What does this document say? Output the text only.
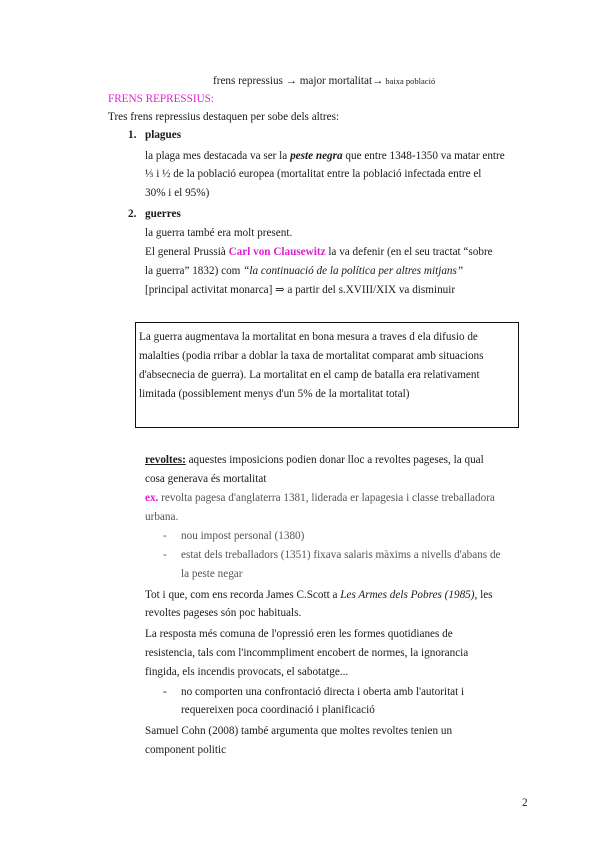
frens repressius → major mortalitat→ baixa població
FRENS REPRESSIUS:
Tres frens repressius destaquen per sobe dels altres:
1. plagues
la plaga mes destacada va ser la peste negra que entre 1348-1350 va matar entre
⅓ i ½ de la població europea (mortalitat entre la població infectada entre el
30% i el 95%)
2. guerres
la guerra també era molt present.
El general Prussià Carl von Clausewitz la va defenir (en el seu tractat “sobre
la guerra” 1832) com “la continuació de la política per altres mitjans”
[principal activitat monarca] ⇒ a partir del s.XVIII/XIX va disminuir
La guerra augmentava la mortalitat en bona mesura a traves d ela difusio de
malalties (podia rribar a doblar la taxa de mortalitat comparat amb situacions
d'absecnecia de guerra). La mortalitat en el camp de batalla era relativament
limitada (possiblement menys d'un 5% de la mortalitat total)
revoltes: aquestes imposicions podien donar lloc a revoltes pageses, la qual
cosa generava és mortalitat
ex. revolta pagesa d'anglaterra 1381, liderada er lapagesia i classe treballadora
urbana.
- nou impost personal (1380)
- estat dels treballadors (1351) fixava salaris màxims a nivells d'abans de
la peste negar
Tot i que, com ens recorda James C.Scott a Les Armes dels Pobres (1985), les
revoltes pageses són poc habituals.
La resposta més comuna de l'opressió eren les formes quotidianes de
resistencia, tals com l'incommpliment encobert de normes, la ignorancia
fingida, els incendis provocats, el sabotatge...
- no comporten una confrontació directa i oberta amb l'autoritat i
requereixen poca coordinació i planificació
Samuel Cohn (2008) també argumenta que moltes revoltes tenien un
component politic
2
